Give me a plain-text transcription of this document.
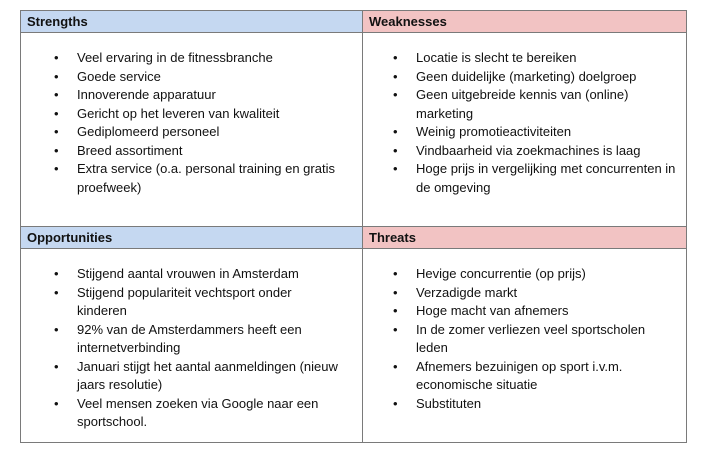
Strengths
• Veel ervaring in de fitnessbranche
• Goede service
• Innoverende apparatuur
• Gericht op het leveren van kwaliteit
• Gediplomeerd personeel
• Breed assortiment
• Extra service (o.a. personal training en gratis proefweek)
Weaknesses
• Locatie is slecht te bereiken
• Geen duidelijke (marketing) doelgroep
• Geen uitgebreide kennis van (online) marketing
• Weinig promotieactiviteiten
• Vindbaarheid via zoekmachines is laag
• Hoge prijs in vergelijking met concurrenten in de omgeving
Opportunities
• Stijgend aantal vrouwen in Amsterdam
• Stijgend populariteit vechtsport onder kinderen
• 92% van de Amsterdammers heeft een internetverbinding
• Januari stijgt het aantal aanmeldingen (nieuw jaars resolutie)
• Veel mensen zoeken via Google naar een sportschool.
Threats
• Hevige concurrentie (op prijs)
• Verzadigde markt
• Hoge macht van afnemers
• In de zomer verliezen veel sportscholen leden
• Afnemers bezuinigen op sport i.v.m. economische situatie
• Substituten
